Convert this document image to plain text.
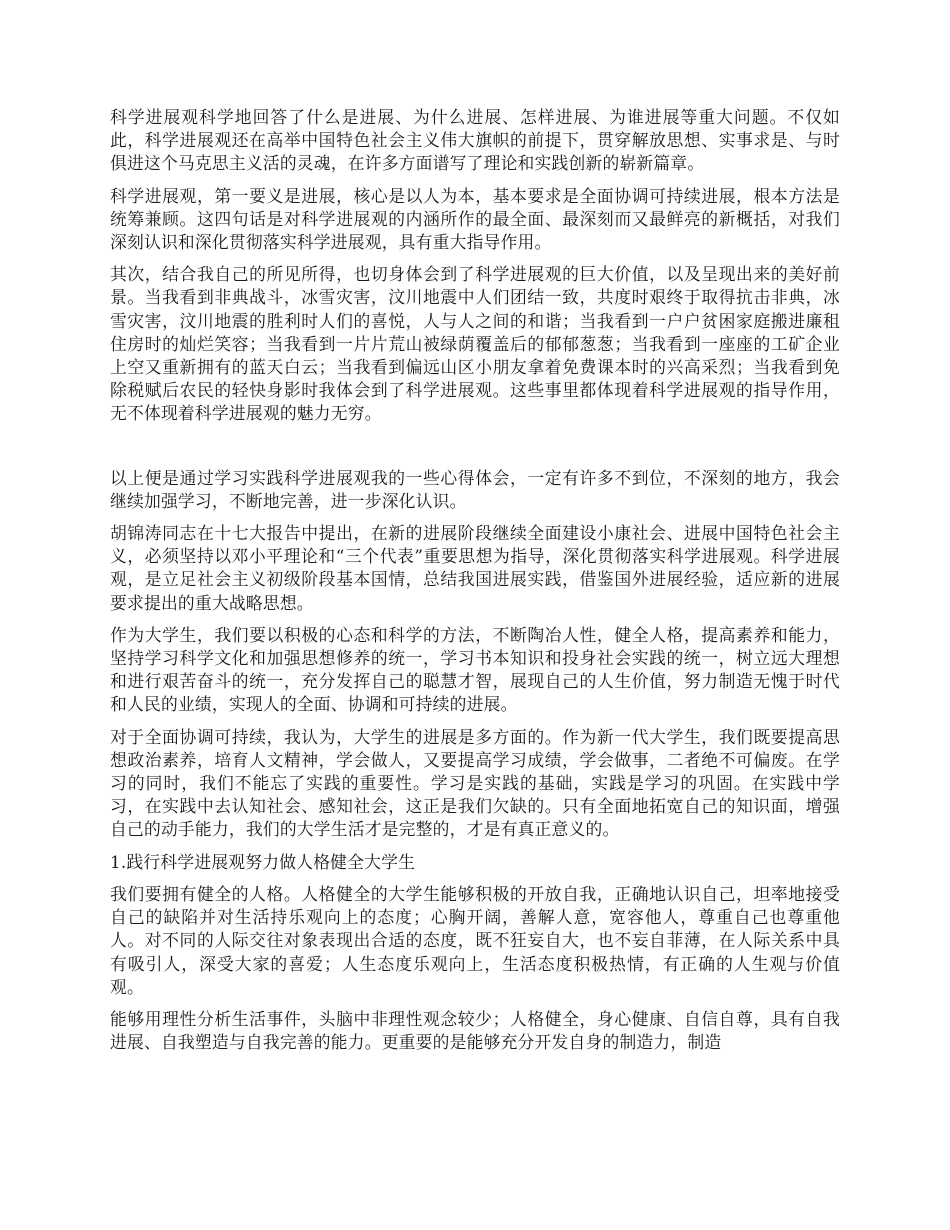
科学进展观科学地回答了什么是进展、为什么进展、怎样进展、为谁进展等重大问题。不仅如此，科学进展观还在高举中国特色社会主义伟大旗帜的前提下，贯穿解放思想、实事求是、与时俱进这个马克思主义活的灵魂，在许多方面谱写了理论和实践创新的崭新篇章。

科学进展观，第一要义是进展，核心是以人为本，基本要求是全面协调可持续进展，根本方法是统筹兼顾。这四句话是对科学进展观的内涵所作的最全面、最深刻而又最鲜亮的新概括，对我们深刻认识和深化贯彻落实科学进展观，具有重大指导作用。

其次，结合我自己的所见所得，也切身体会到了科学进展观的巨大价值，以及呈现出来的美好前景。当我看到非典战斗，冰雪灾害，汶川地震中人们团结一致，共度时艰终于取得抗击非典，冰雪灾害，汶川地震的胜利时人们的喜悦，人与人之间的和谐；当我看到一户户贫困家庭搬进廉租住房时的灿烂笑容；当我看到一片片荒山被绿荫覆盖后的郁郁葱葱；当我看到一座座的工矿企业上空又重新拥有的蓝天白云；当我看到偏远山区小朋友拿着免费课本时的兴高采烈；当我看到免除税赋后农民的轻快身影时我体会到了科学进展观。这些事里都体现着科学进展观的指导作用，无不体现着科学进展观的魅力无穷。

以上便是通过学习实践科学进展观我的一些心得体会，一定有许多不到位，不深刻的地方，我会继续加强学习，不断地完善，进一步深化认识。

胡锦涛同志在十七大报告中提出，在新的进展阶段继续全面建设小康社会、进展中国特色社会主义，必须坚持以邓小平理论和“三个代表”重要思想为指导，深化贯彻落实科学进展观。科学进展观，是立足社会主义初级阶段基本国情，总结我国进展实践，借鉴国外进展经验，适应新的进展要求提出的重大战略思想。

作为大学生，我们要以积极的心态和科学的方法，不断陶冶人性，健全人格，提高素养和能力，坚持学习科学文化和加强思想修养的统一，学习书本知识和投身社会实践的统一，树立远大理想和进行艰苦奋斗的统一，充分发挥自己的聪慧才智，展现自己的人生价值，努力制造无愧于时代和人民的业绩，实现人的全面、协调和可持续的进展。

对于全面协调可持续，我认为，大学生的进展是多方面的。作为新一代大学生，我们既要提高思想政治素养，培育人文精神，学会做人，又要提高学习成绩，学会做事，二者绝不可偏废。在学习的同时，我们不能忘了实践的重要性。学习是实践的基础，实践是学习的巩固。在实践中学习，在实践中去认知社会、感知社会，这正是我们欠缺的。只有全面地拓宽自己的知识面，增强自己的动手能力，我们的大学生活才是完整的，才是有真正意义的。

1.践行科学进展观努力做人格健全大学生

我们要拥有健全的人格。人格健全的大学生能够积极的开放自我，正确地认识自己，坦率地接受自己的缺陷并对生活持乐观向上的态度；心胸开阔，善解人意，宽容他人，尊重自己也尊重他人。对不同的人际交往对象表现出合适的态度，既不狂妄自大，也不妄自菲薄，在人际关系中具有吸引人，深受大家的喜爱；人生态度乐观向上，生活态度积极热情，有正确的人生观与价值观。

能够用理性分析生活事件，头脑中非理性观念较少；人格健全，身心健康、自信自尊，具有自我进展、自我塑造与自我完善的能力。更重要的是能够充分开发自身的制造力，制造
